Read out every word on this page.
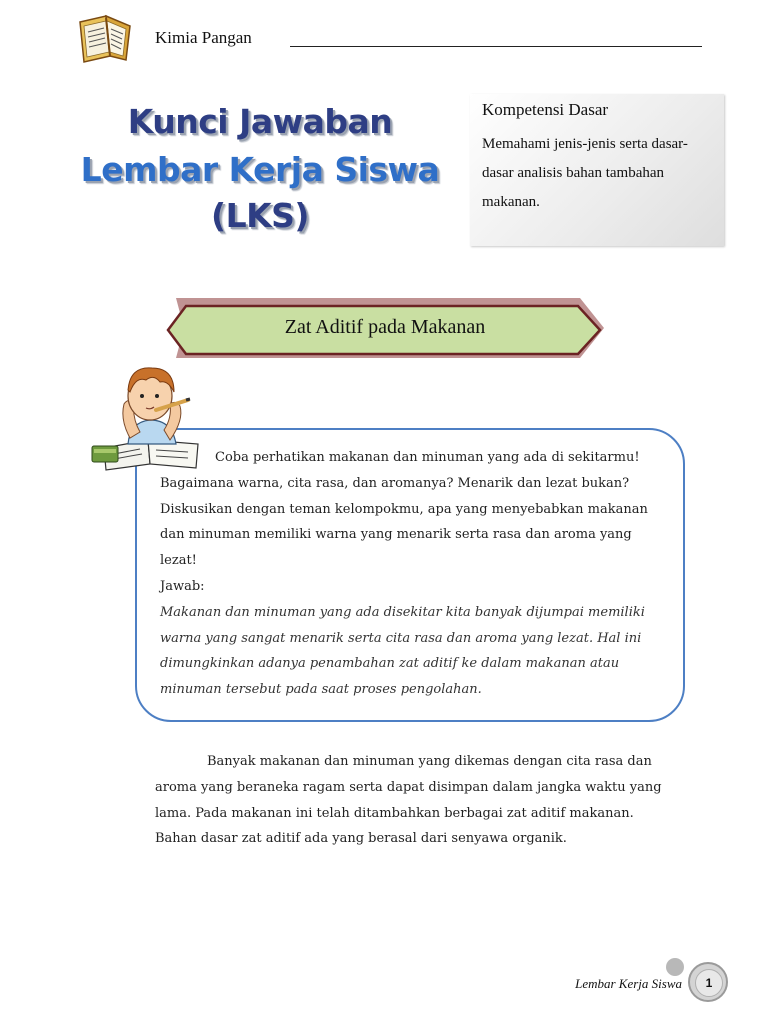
Kimia Pangan
Kunci Jawaban
Lembar Kerja Siswa
(LKS)
Kompetensi Dasar
Memahami jenis-jenis serta dasar-dasar analisis bahan tambahan makanan.
Zat Aditif pada Makanan

Coba perhatikan makanan dan minuman yang ada di sekitarmu! Bagaimana warna, cita rasa, dan aromanya? Menarik dan lezat bukan? Diskusikan dengan teman kelompokmu, apa yang menyebabkan makanan dan minuman memiliki warna yang menarik serta rasa dan aroma yang lezat!

Jawab:

Makanan dan minuman yang ada disekitar kita banyak dijumpai memiliki warna yang sangat menarik serta cita rasa dan aroma yang lezat. Hal ini dimungkinkan adanya penambahan zat aditif ke dalam makanan atau minuman tersebut pada saat proses pengolahan.

Banyak makanan dan minuman yang dikemas dengan cita rasa dan aroma yang beraneka ragam serta dapat disimpan dalam jangka waktu yang lama. Pada makanan ini telah ditambahkan berbagai zat aditif makanan. Bahan dasar zat aditif ada yang berasal dari senyawa organik.
Lembar Kerja Siswa	1
